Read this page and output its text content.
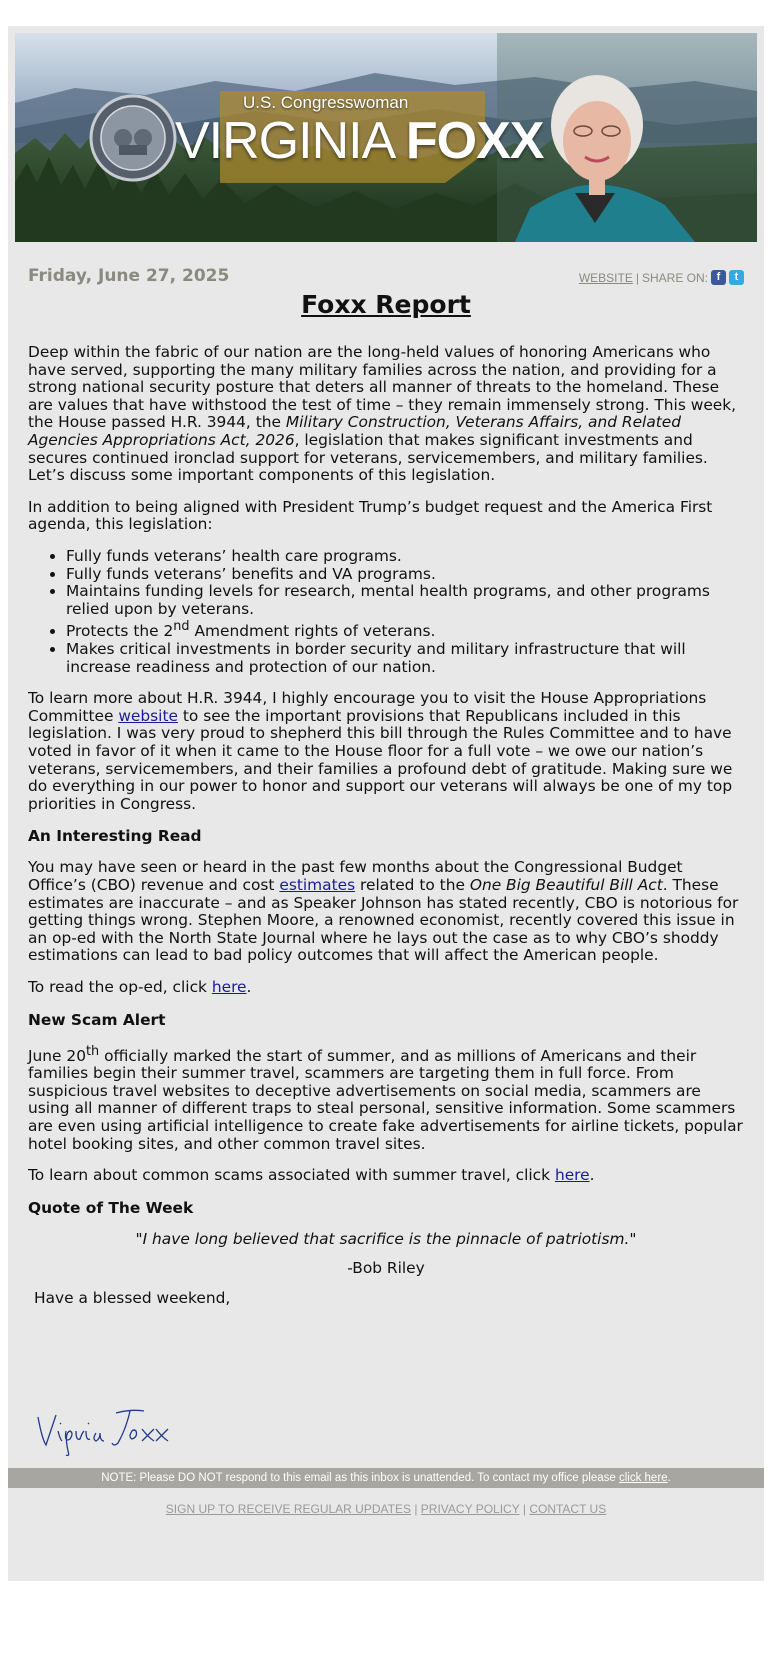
U.S. Congresswoman
VIRGINIA FOXX
Friday, June 27, 2025	WEBSITE | SHARE ON: f	t
Foxx Report

Deep within the fabric of our nation are the long-held values of honoring Americans who have served, supporting the many military families across the nation, and providing for a strong national security posture that deters all manner of threats to the homeland. These are values that have withstood the test of time – they remain immensely strong. This week, the House passed H.R. 3944, the Military Construction, Veterans Affairs, and Related Agencies Appropriations Act, 2026, legislation that makes significant investments and secures continued ironclad support for veterans, servicemembers, and military families. Let’s discuss some important components of this legislation.

In addition to being aligned with President Trump’s budget request and the America First agenda, this legislation:

• Fully funds veterans’ health care programs.
• Fully funds veterans’ benefits and VA programs.
• Maintains funding levels for research, mental health programs, and other programs relied upon by veterans.
• Protects the 2nd Amendment rights of veterans.
• Makes critical investments in border security and military infrastructure that will increase readiness and protection of our nation.

To learn more about H.R. 3944, I highly encourage you to visit the House Appropriations Committee website to see the important provisions that Republicans included in this legislation. I was very proud to shepherd this bill through the Rules Committee and to have voted in favor of it when it came to the House floor for a full vote – we owe our nation’s veterans, servicemembers, and their families a profound debt of gratitude. Making sure we do everything in our power to honor and support our veterans will always be one of my top priorities in Congress.

An Interesting Read

You may have seen or heard in the past few months about the Congressional Budget Office’s (CBO) revenue and cost estimates related to the One Big Beautiful Bill Act. These estimates are inaccurate – and as Speaker Johnson has stated recently, CBO is notorious for getting things wrong. Stephen Moore, a renowned economist, recently covered this issue in an op-ed with the North State Journal where he lays out the case as to why CBO’s shoddy estimations can lead to bad policy outcomes that will affect the American people.

To read the op-ed, click here.

New Scam Alert

June 20th officially marked the start of summer, and as millions of Americans and their families begin their summer travel, scammers are targeting them in full force. From suspicious travel websites to deceptive advertisements on social media, scammers are using all manner of different traps to steal personal, sensitive information. Some scammers are even using artificial intelligence to create fake advertisements for airline tickets, popular hotel booking sites, and other common travel sites.

To learn about common scams associated with summer travel, click here.

Quote of The Week

"I have long believed that sacrifice is the pinnacle of patriotism."

-Bob Riley

Have a blessed weekend,

NOTE: Please DO NOT respond to this email as this inbox is unattended. To contact my office please click here.
SIGN UP TO RECEIVE REGULAR UPDATES | PRIVACY POLICY | CONTACT US
